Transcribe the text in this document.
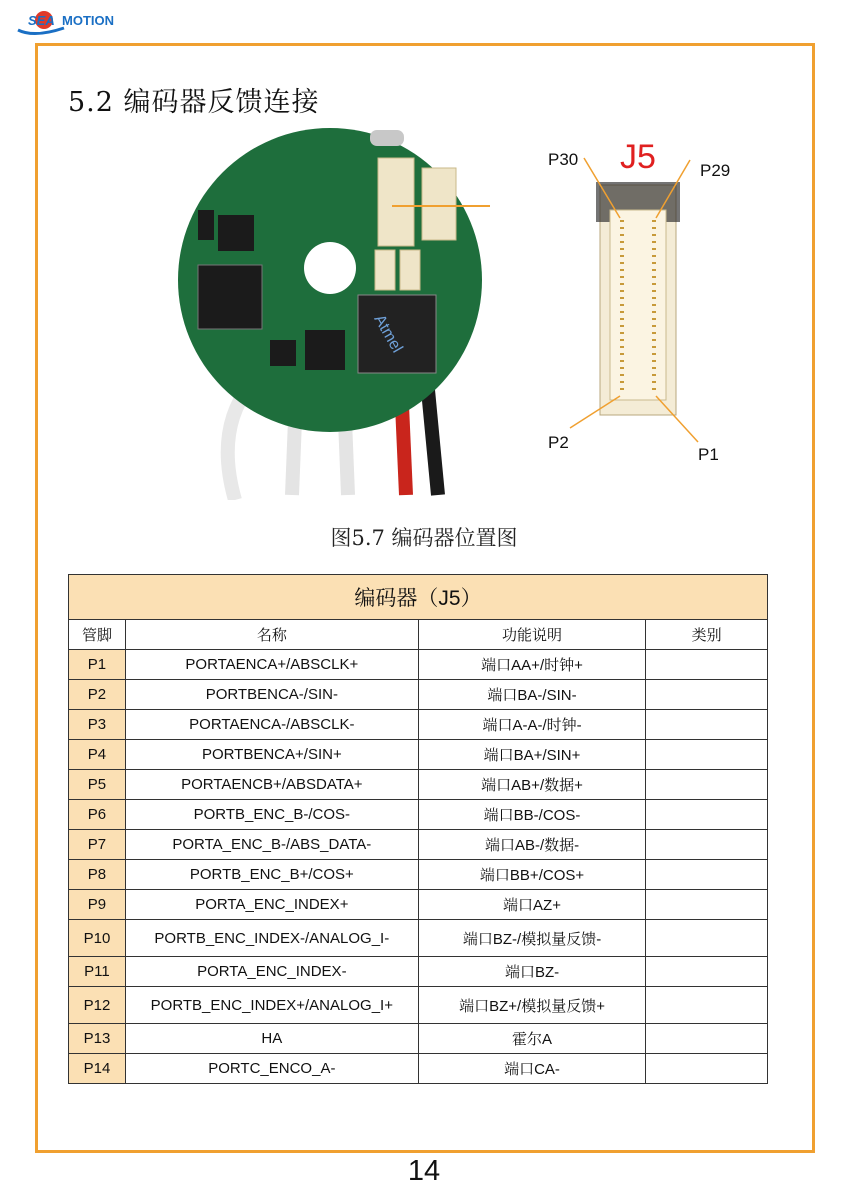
SEA MOTION
5.2 编码器反馈连接
Atmel
J5
P30
P29
P2
P1
图5.7 编码器位置图
编码器（J5）			
管脚	名称	功能说明	类别
P1	PORTAENCA+/ABSCLK+	端口AA+/时钟+	
P2	PORTBENCA-/SIN-	端口BA-/SIN-	
P3	PORTAENCA-/ABSCLK-	端口A-A-/时钟-	
P4	PORTBENCA+/SIN+	端口BA+/SIN+	
P5	PORTAENCB+/ABSDATA+	端口AB+/数据+	
P6	PORTB_ENC_B-/COS-	端口BB-/COS-	
P7	PORTA_ENC_B-/ABS_DATA-	端口AB-/数据-	
P8	PORTB_ENC_B+/COS+	端口BB+/COS+	
P9	PORTA_ENC_INDEX+	端口AZ+	
P10	PORTB_ENC_INDEX-/ANALOG_I-	端口BZ-/模拟量反馈-	
P11	PORTA_ENC_INDEX-	端口BZ-	
P12	PORTB_ENC_INDEX+/ANALOG_I+	端口BZ+/模拟量反馈+	
P13	HA	霍尔A	
P14	PORTC_ENCO_A-	端口CA-	
14
